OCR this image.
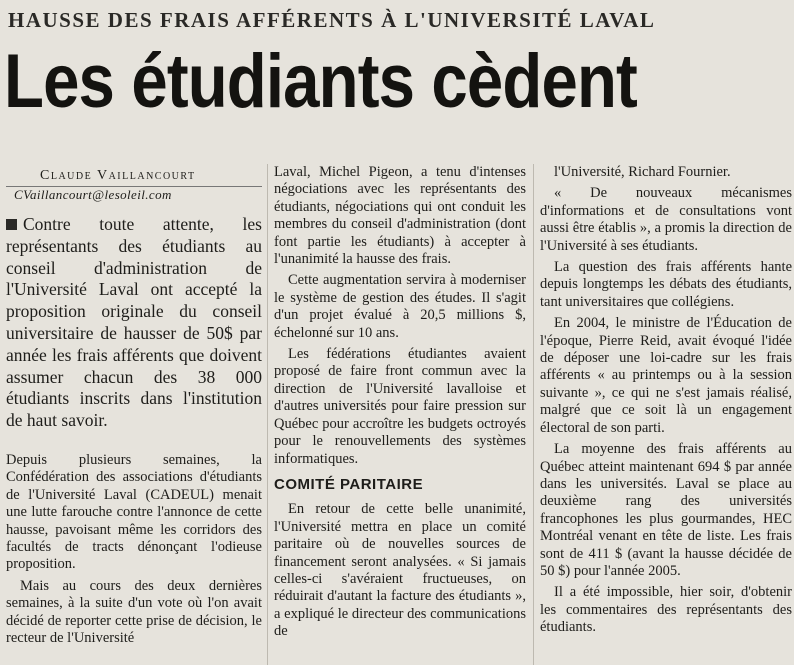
HAUSSE DES FRAIS AFFÉRENTS À L'UNIVERSITÉ LAVAL
Les étudiants cèdent
Claude Vaillancourt
CVaillancourt@lesoleil.com

Contre toute attente, les représentants des étudiants au conseil d'administration de l'Université Laval ont accepté la proposition originale du conseil universitaire de hausser de 50$ par année les frais afférents que doivent assumer chacun des 38 000 étudiants inscrits dans l'institution de haut savoir.

Depuis plusieurs semaines, la Confédération des associations d'étudiants de l'Université Laval (CADEUL) menait une lutte farouche contre l'annonce de cette hausse, pavoisant même les corridors des facultés de tracts dénonçant l'odieuse proposition.

Mais au cours des deux dernières semaines, à la suite d'un vote où l'on avait décidé de reporter cette prise de décision, le recteur de l'Université

Laval, Michel Pigeon, a tenu d'intenses négociations avec les représentants des étudiants, négociations qui ont conduit les membres du conseil d'administration (dont font partie les étudiants) à accepter à l'unanimité la hausse des frais.

Cette augmentation servira à moderniser le système de gestion des études. Il s'agit d'un projet évalué à 20,5 millions $, échelonné sur 10 ans.

Les fédérations étudiantes avaient proposé de faire front commun avec la direction de l'Université lavalloise et d'autres universités pour faire pression sur Québec pour accroître les budgets octroyés pour le renouvellements des systèmes informatiques.

COMITÉ PARITAIRE

En retour de cette belle unanimité, l'Université mettra en place un comité paritaire où de nouvelles sources de financement seront analysées. « Si jamais celles-ci s'avéraient fructueuses, on réduirait d'autant la facture des étudiants », a expliqué le directeur des communications de

l'Université, Richard Fournier.

« De nouveaux mécanismes d'informations et de consultations vont aussi être établis », a promis la direction de l'Université à ses étudiants.

La question des frais afférents hante depuis longtemps les débats des étudiants, tant universitaires que collégiens.

En 2004, le ministre de l'Éducation de l'époque, Pierre Reid, avait évoqué l'idée de déposer une loi-cadre sur les frais afférents « au printemps ou à la session suivante », ce qui ne s'est jamais réalisé, malgré que ce soit là un engagement électoral de son parti.

La moyenne des frais afférents au Québec atteint maintenant 694 $ par année dans les universités. Laval se place au deuxième rang des universités francophones les plus gourmandes, HEC Montréal venant en tête de liste. Les frais sont de 411 $ (avant la hausse décidée de 50 $) pour l'année 2005.

Il a été impossible, hier soir, d'obtenir les commentaires des représentants des étudiants.
